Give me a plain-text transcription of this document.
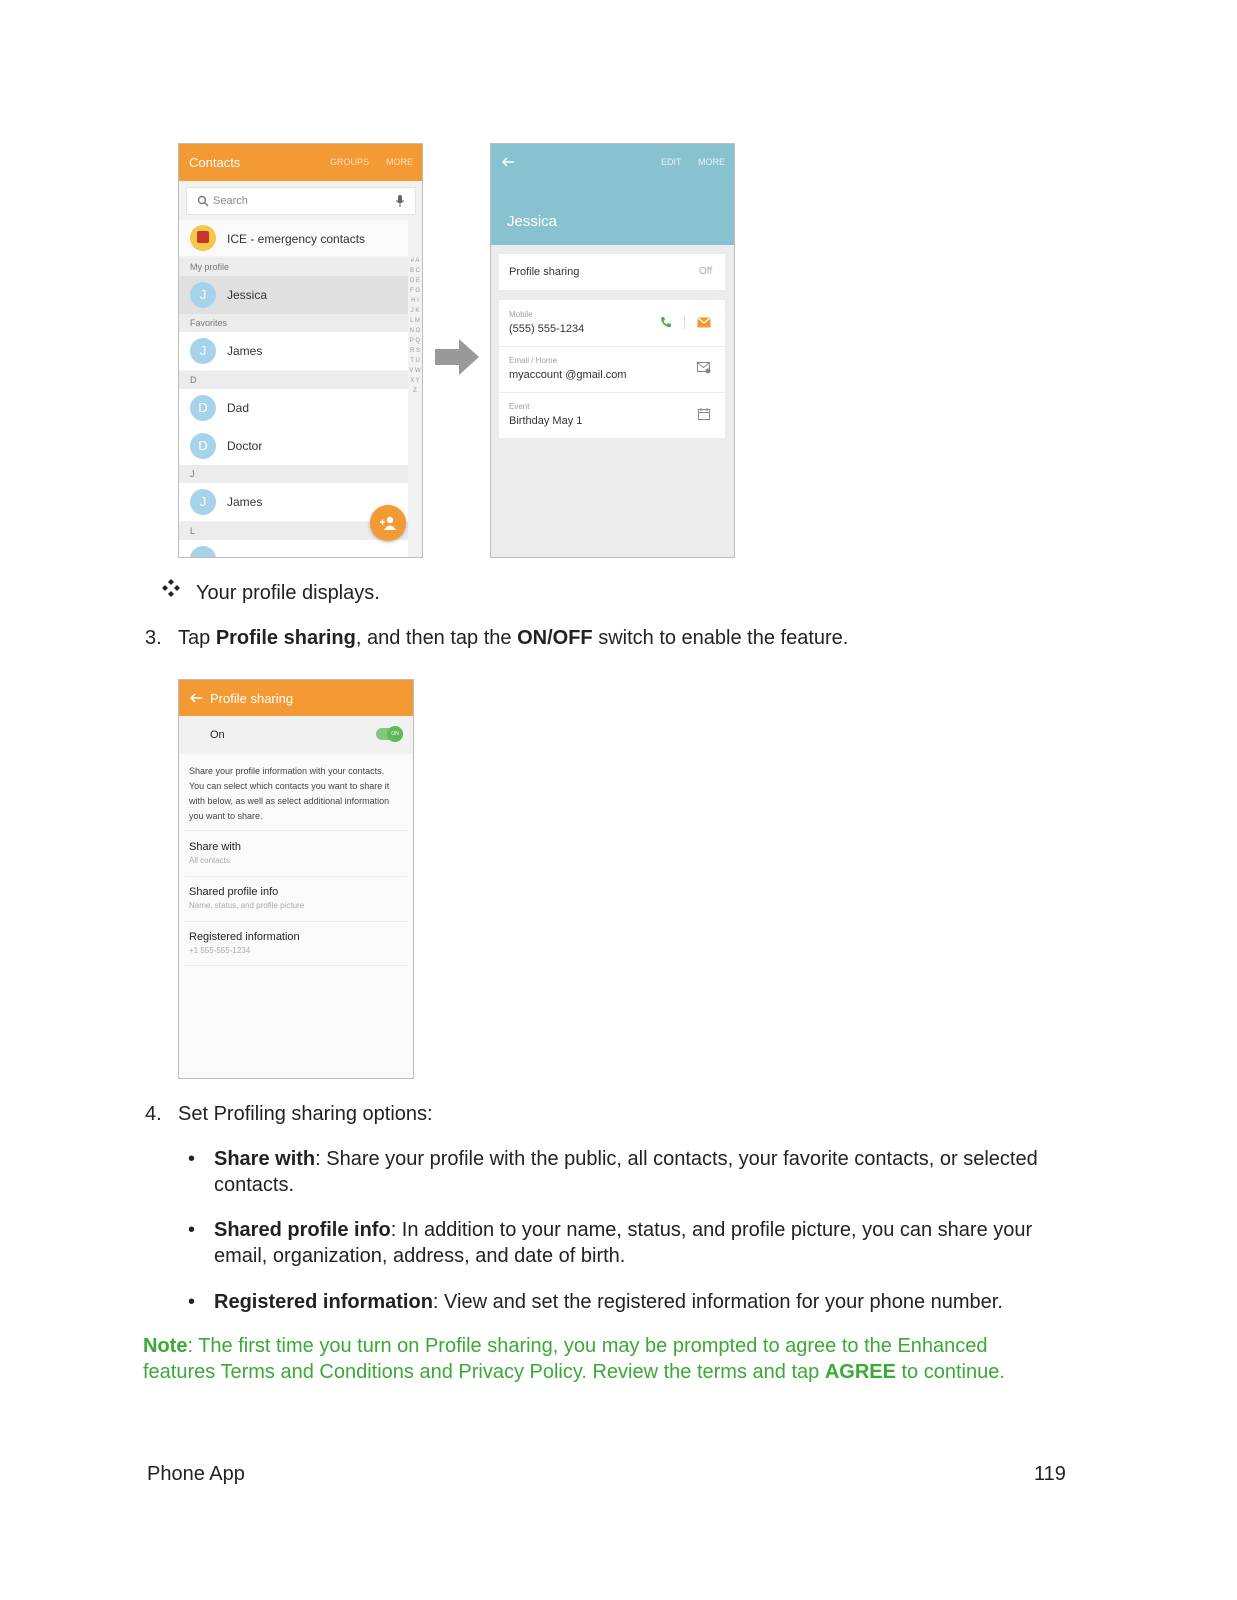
Contacts	GROUPS MORE
Search
ICE - emergency contacts
My profile
J	Jessica
Favorites
J	James
D
D	Dad
D	Doctor
J
J	James
L
# A B C D E F G H I J K L M N O P Q R S T U V W X Y Z
EDIT MORE
Jessica
Profile sharing	Off
Mobile
(555) 555-1234
Email / Home
myaccount @gmail.com
Event
Birthday May 1
Your profile displays.
3. Tap Profile sharing, and then tap the ON/OFF switch to enable the feature.
Profile sharing
On	ON
Share your profile information with your contacts. You can select which contacts you want to share it with below, as well as select additional information you want to share.
Share with
All contacts
Shared profile info
Name, status, and profile picture
Registered information
+1 555-555-1234
4. Set Profiling sharing options:
• Share with: Share your profile with the public, all contacts, your favorite contacts, or selected contacts.
• Shared profile info: In addition to your name, status, and profile picture, you can share your email, organization, address, and date of birth.
• Registered information: View and set the registered information for your phone number.
Note: The first time you turn on Profile sharing, you may be prompted to agree to the Enhanced features Terms and Conditions and Privacy Policy. Review the terms and tap AGREE to continue.
Phone App	119
